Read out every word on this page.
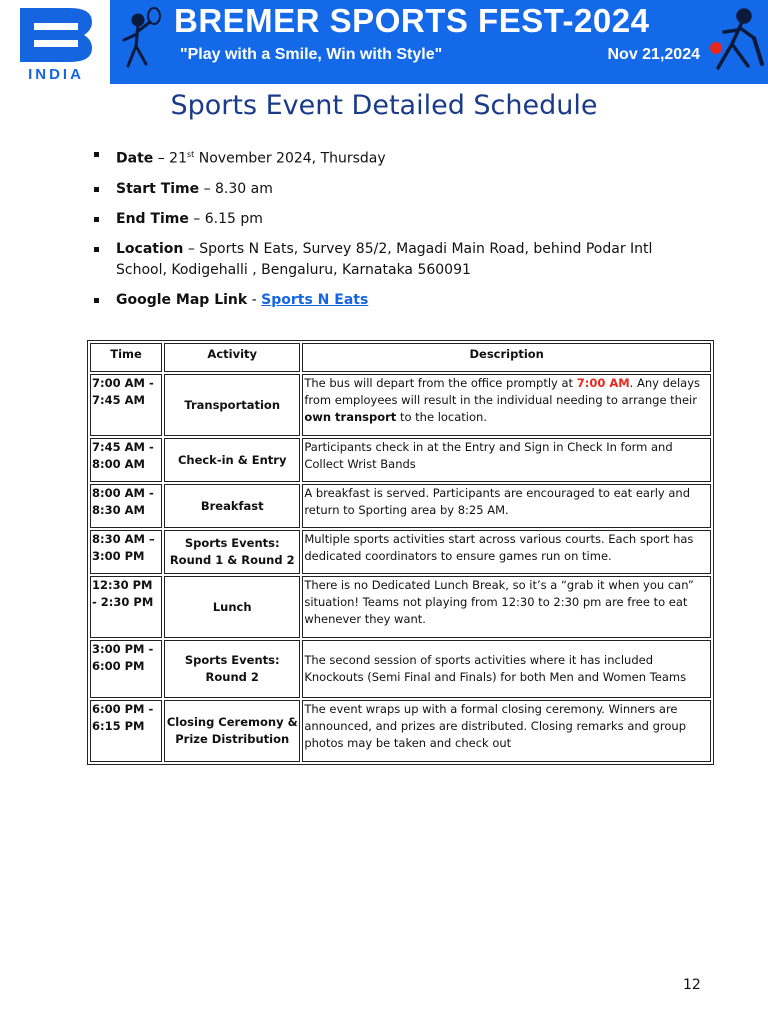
INDIA
BREMER SPORTS FEST-2024
"Play with a Smile, Win with Style"	Nov 21,2024
Sports Event Detailed Schedule
Date – 21st November 2024, Thursday
Start Time – 8.30 am
End Time – 6.15 pm
Location – Sports N Eats, Survey 85/2, Magadi Main Road, behind Podar Intl School, Kodigehalli , Bengaluru, Karnataka 560091
Google Map Link - Sports N Eats
Time	Activity	Description
7:00 AM - 7:45 AM	Transportation	The bus will depart from the office promptly at 7:00 AM. Any delays from employees will result in the individual needing to arrange their own transport to the location.
7:45 AM - 8:00 AM	Check-in & Entry	Participants check in at the Entry and Sign in Check In form and Collect Wrist Bands
8:00 AM - 8:30 AM	Breakfast	A breakfast is served. Participants are encouraged to eat early and return to Sporting area by 8:25 AM.
8:30 AM – 3:00 PM	Sports Events: Round 1 & Round 2	Multiple sports activities start across various courts. Each sport has dedicated coordinators to ensure games run on time.
12:30 PM - 2:30 PM	Lunch	There is no Dedicated Lunch Break, so it’s a “grab it when you can” situation! Teams not playing from 12:30 to 2:30 pm are free to eat whenever they want.
3:00 PM - 6:00 PM	Sports Events: Round 2	The second session of sports activities where it has included Knockouts (Semi Final and Finals) for both Men and Women Teams
6:00 PM - 6:15 PM	Closing Ceremony & Prize Distribution	The event wraps up with a formal closing ceremony. Winners are announced, and prizes are distributed. Closing remarks and group photos may be taken and check out
12
